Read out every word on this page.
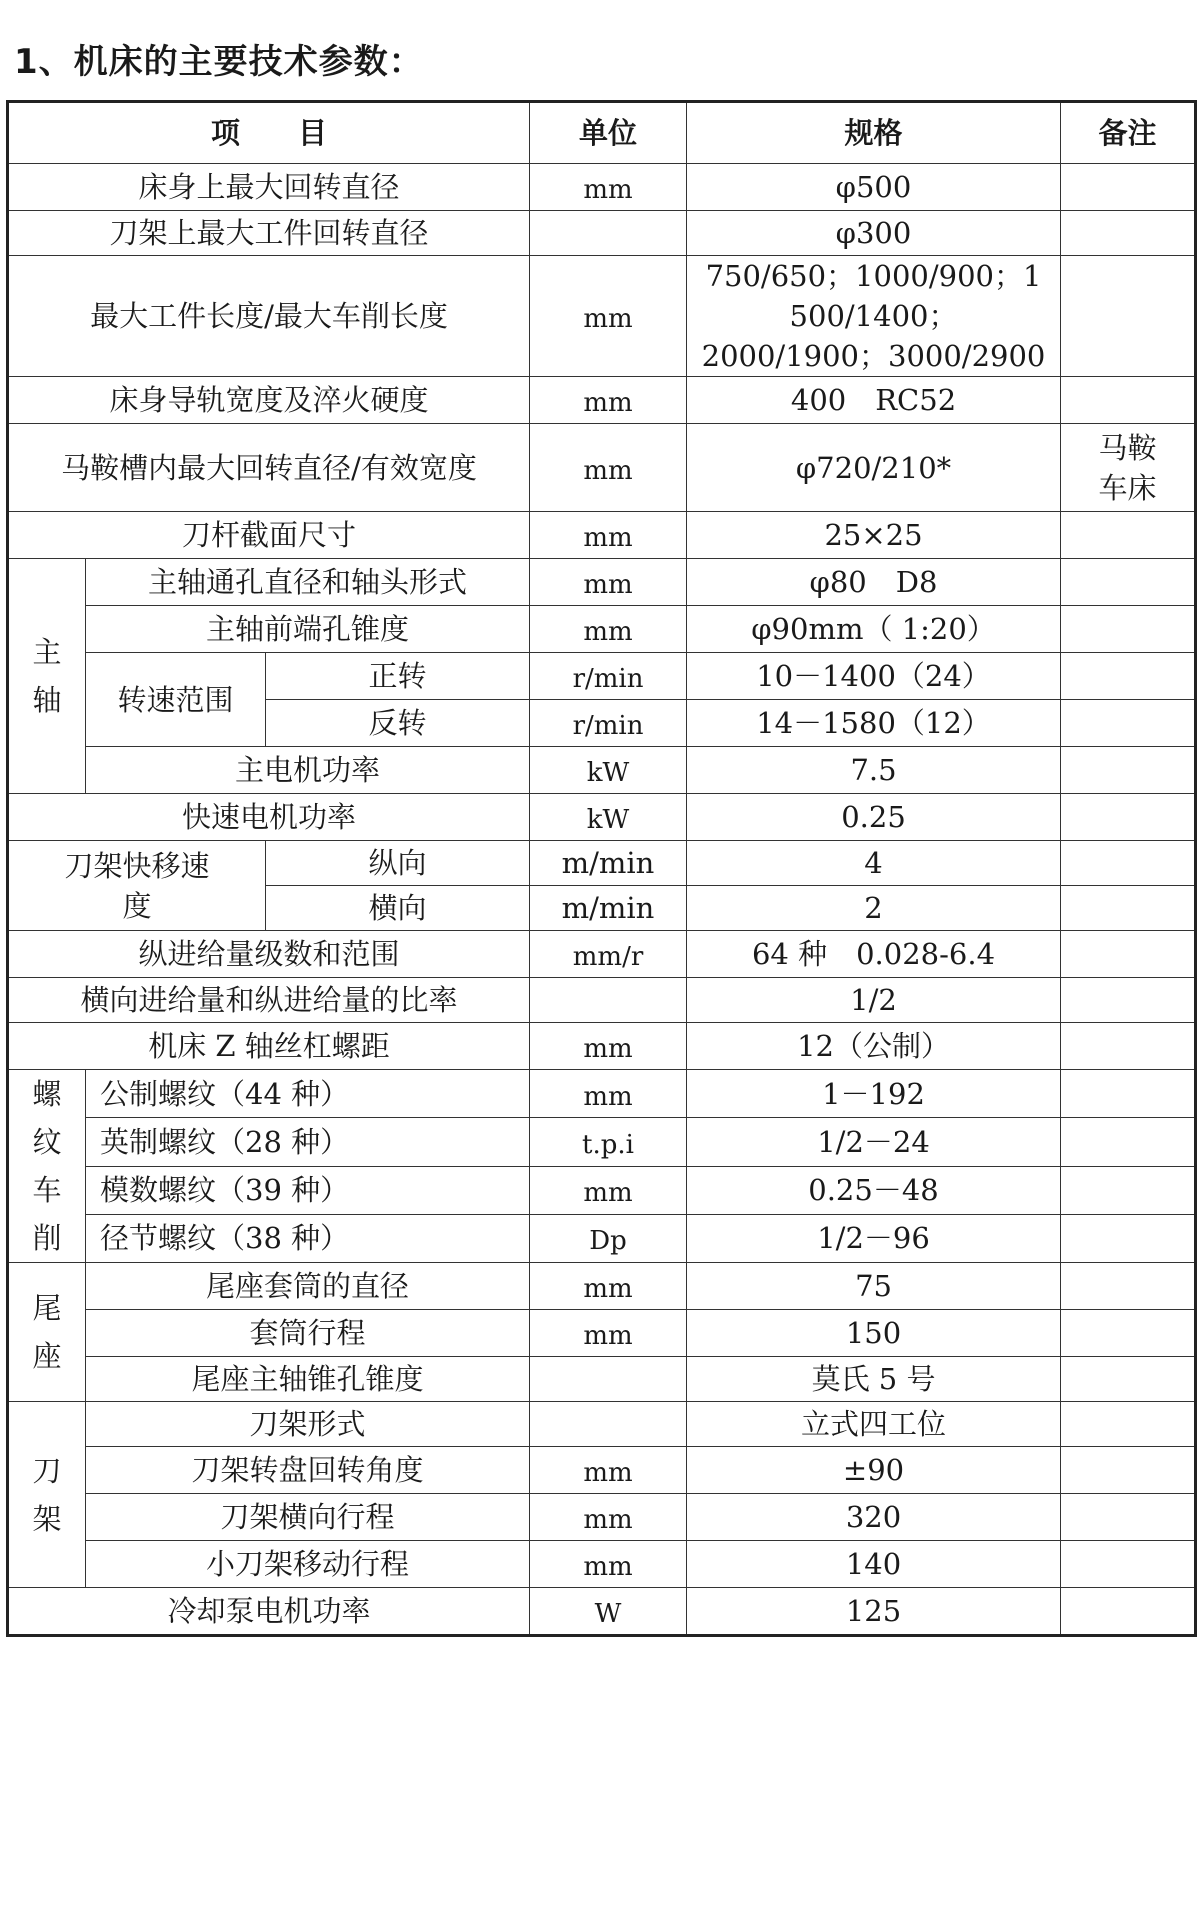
1、机床的主要技术参数：
项　　目			单位	规格	备注
床身上最大回转直径			mm	φ500	
刀架上最大工件回转直径				φ300	
最大工件长度/最大车削长度			mm	750/650；1000/900；1
500/1400；
2000/1900；3000/2900	

床身导轨宽度及淬火硬度			mm	400　RC52	
马鞍槽内最大回转直径/有效宽度			mm	φ720/210*	马鞍
车床

刀杆截面尺寸			mm	25×25	

主
轴	主轴通孔直径和轴头形式		mm	φ80　D8	
	主轴前端孔锥度		mm	φ90mm（ 1:20）	
	转速范围	正转	r/min	10－1400（24）	
		反转	r/min	14－1580（12）	
	主电机功率		kW	7.5	
快速电机功率			kW	0.25	

刀架快移速
度		纵向	m/min	4	
		横向	m/min	2	
纵进给量级数和范围			mm/r	64 种　0.028-6.4	
横向进给量和纵进给量的比率				1/2	
机床 Z 轴丝杠螺距			mm	12（公制）	

螺
纹
车
削	公制螺纹（44 种）		mm	1－192	
	英制螺纹（28 种）		t.p.i	1/2－24	
	模数螺纹（39 种）		mm	0.25－48	
	径节螺纹（38 种）		Dp	1/2－96	

尾
座	尾座套筒的直径		mm	75	
	套筒行程		mm	150	
	尾座主轴锥孔锥度			莫氏 5 号	

刀
架	刀架形式			立式四工位	
	刀架转盘回转角度		mm	±90	
	刀架横向行程		mm	320	
	小刀架移动行程		mm	140	
冷却泵电机功率			W	125	
